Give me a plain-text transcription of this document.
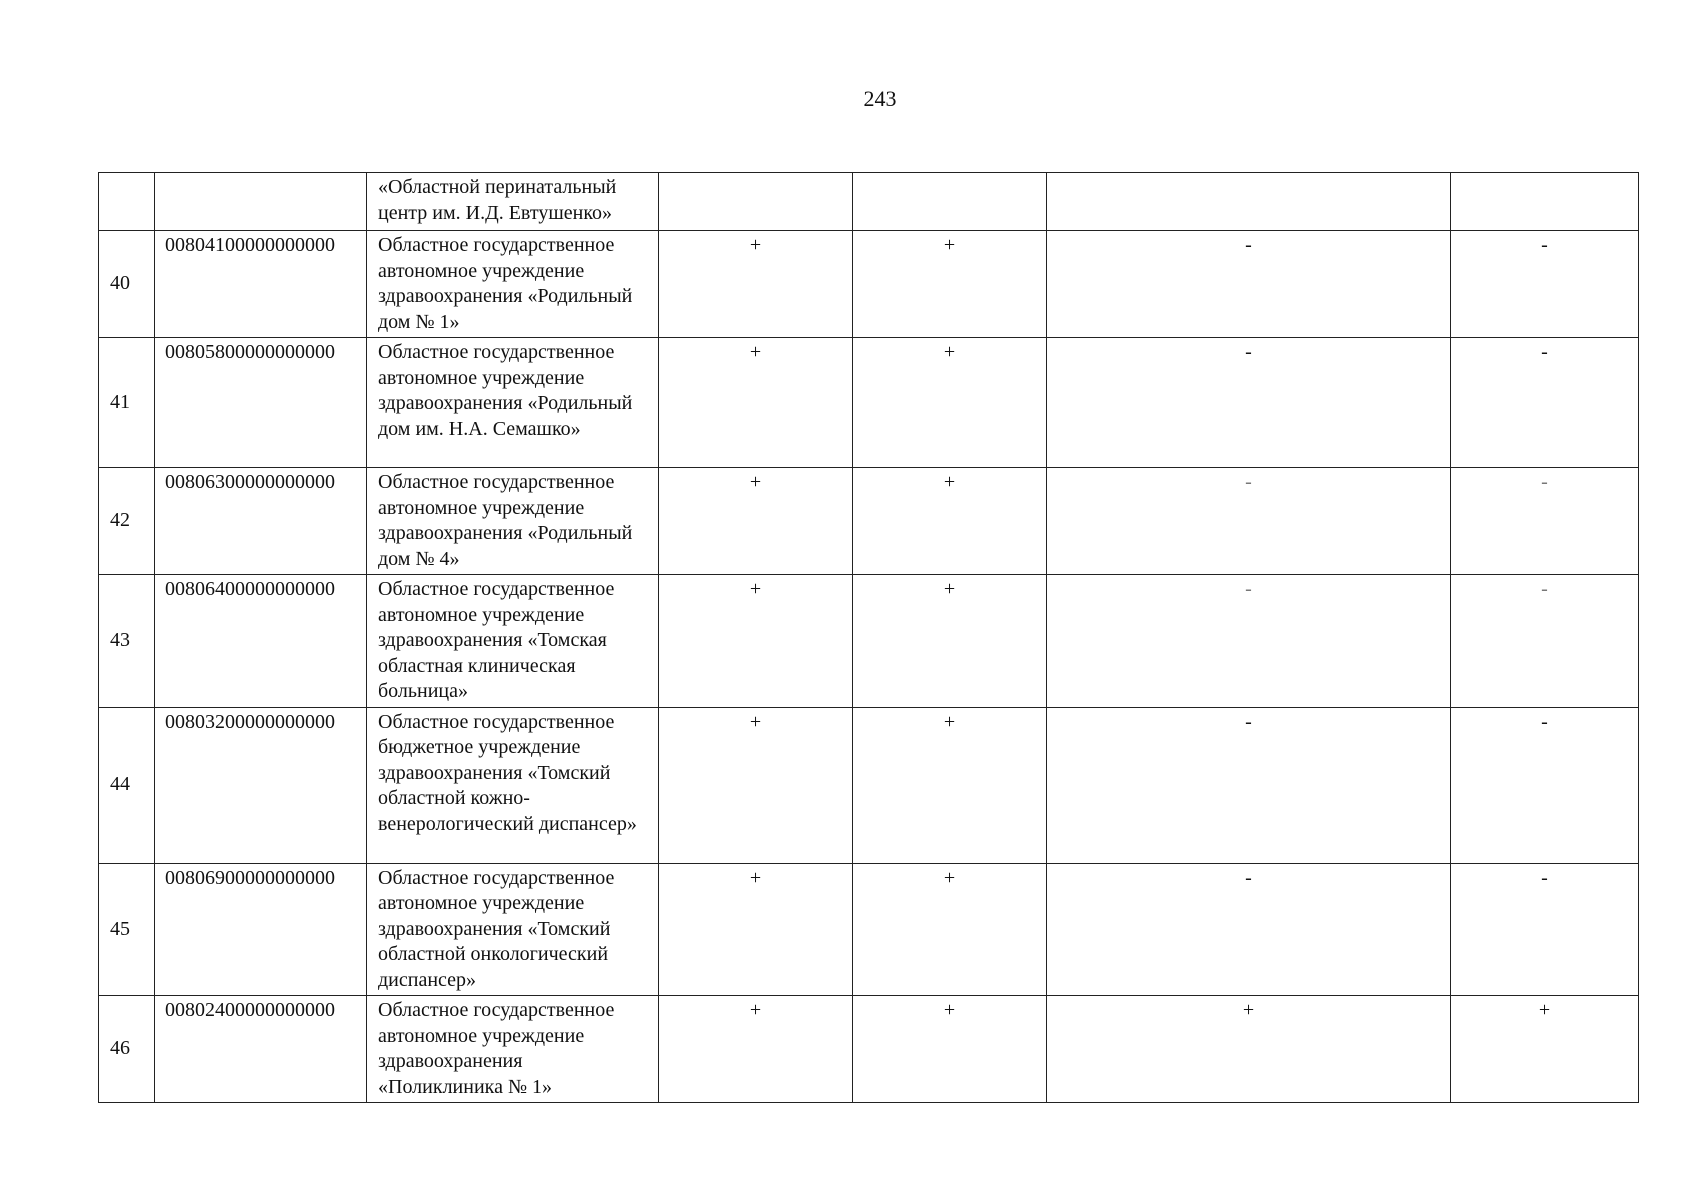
243
		«Областной перинатальный центр им. И.Д. Евтушенко»				
40	00804100000000000	Областное государственное автономное учреждение здравоохранения «Родильный дом № 1»	+	+	-	-
41	00805800000000000	Областное государственное автономное учреждение здравоохранения «Родильный дом им. Н.А. Семашко»	+	+	-	-
42	00806300000000000	Областное государственное автономное учреждение здравоохранения «Родильный дом № 4»	+	+	-	-
43	00806400000000000	Областное государственное автономное учреждение здравоохранения «Томская областная клиническая больница»	+	+	-	-
44	00803200000000000	Областное государственное бюджетное учреждение здравоохранения «Томский областной кожно-венерологический диспансер»	+	+	-	-
45	00806900000000000	Областное государственное автономное учреждение здравоохранения «Томский областной онкологический диспансер»	+	+	-	-
46	00802400000000000	Областное государственное автономное учреждение здравоохранения «Поликлиника № 1»	+	+	+	+
